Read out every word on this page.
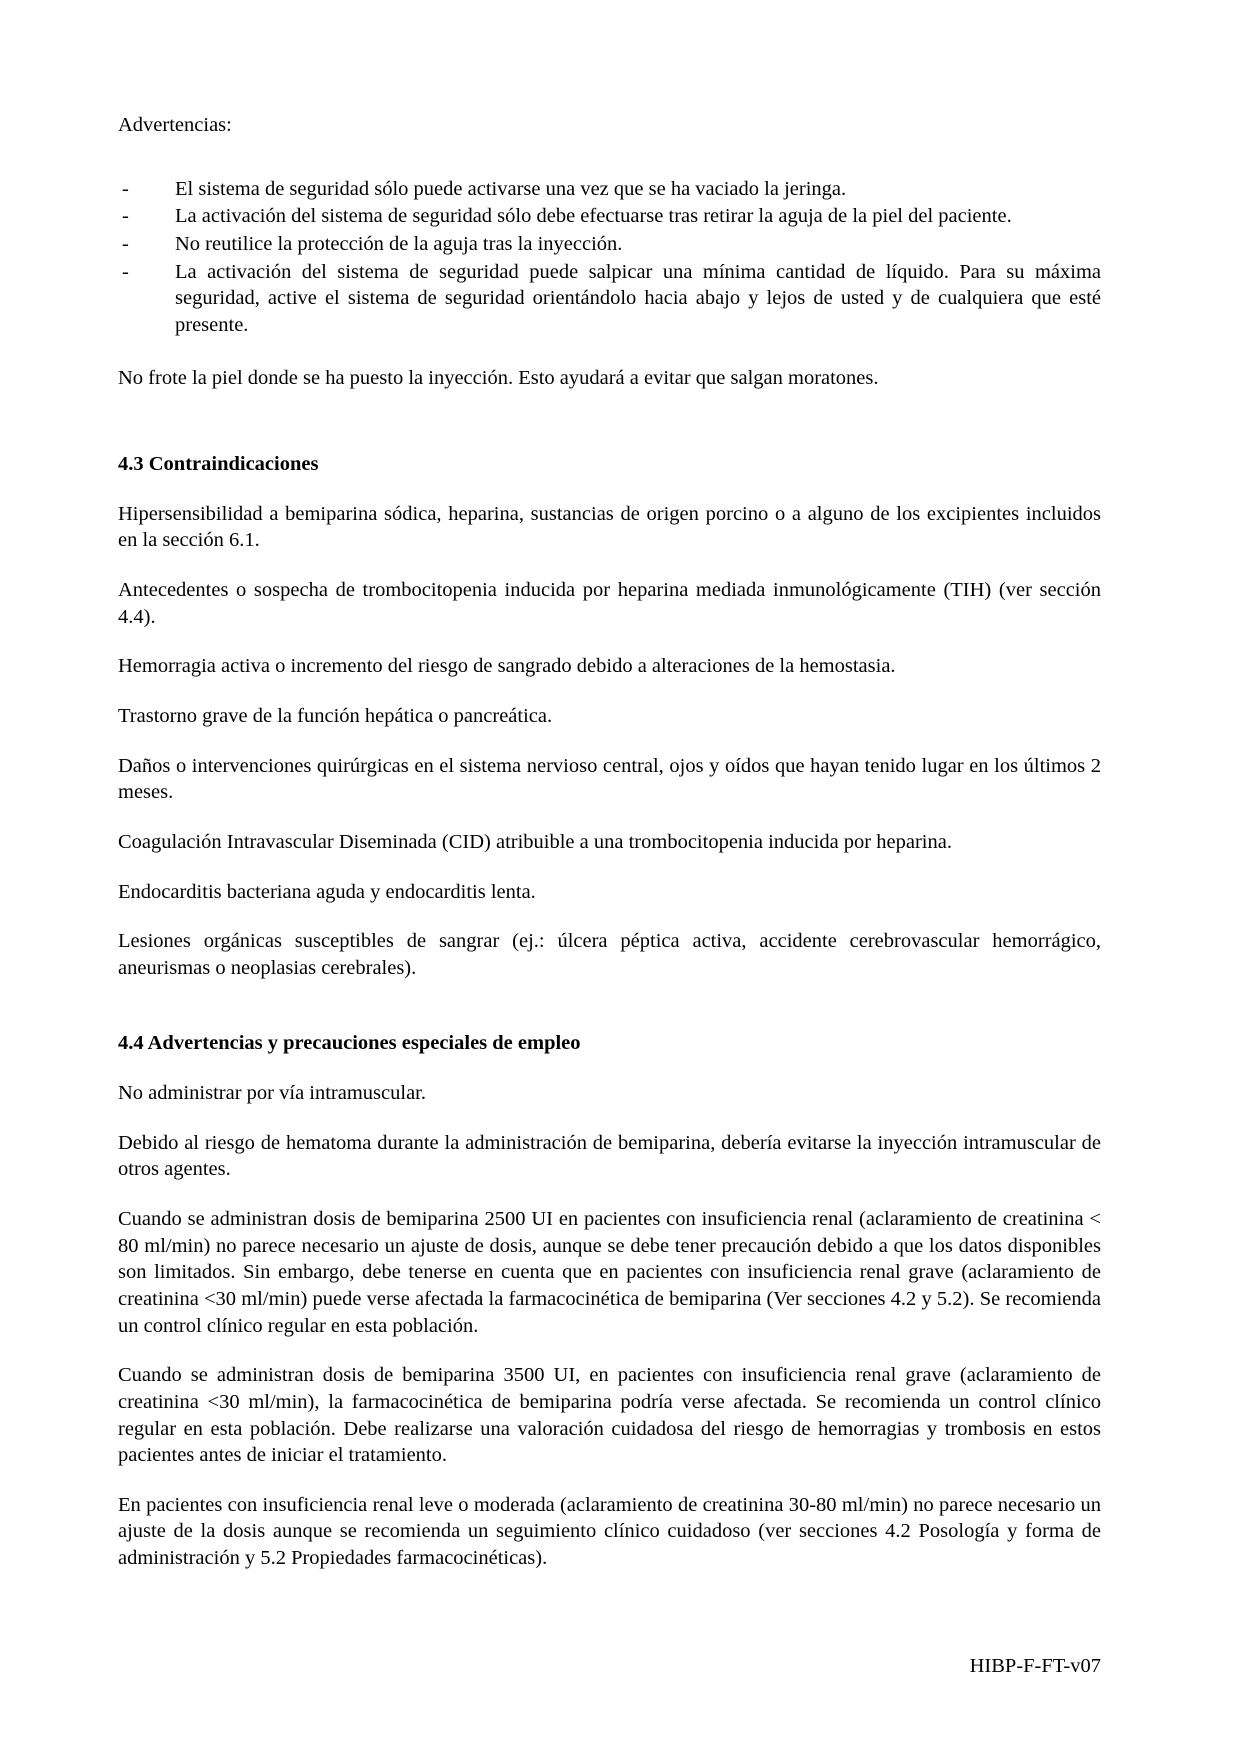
Advertencias:

- El sistema de seguridad sólo puede activarse una vez que se ha vaciado la jeringa.
- La activación del sistema de seguridad sólo debe efectuarse tras retirar la aguja de la piel del paciente.
- No reutilice la protección de la aguja tras la inyección.
- La activación del sistema de seguridad puede salpicar una mínima cantidad de líquido. Para su máxima seguridad, active el sistema de seguridad orientándolo hacia abajo y lejos de usted y de cualquiera que esté presente.

No frote la piel donde se ha puesto la inyección. Esto ayudará a evitar que salgan moratones.

4.3 Contraindicaciones

Hipersensibilidad a bemiparina sódica, heparina, sustancias de origen porcino o a alguno de los excipientes incluidos en la sección 6.1.

Antecedentes o sospecha de trombocitopenia inducida por heparina mediada inmunológicamente (TIH) (ver sección 4.4).

Hemorragia activa o incremento del riesgo de sangrado debido a alteraciones de la hemostasia.

Trastorno grave de la función hepática o pancreática.

Daños o intervenciones quirúrgicas en el sistema nervioso central, ojos y oídos que hayan tenido lugar en los últimos 2 meses.

Coagulación Intravascular Diseminada (CID) atribuible a una trombocitopenia inducida por heparina.

Endocarditis bacteriana aguda y endocarditis lenta.

Lesiones orgánicas susceptibles de sangrar (ej.: úlcera péptica activa, accidente cerebrovascular hemorrágico, aneurismas o neoplasias cerebrales).

4.4 Advertencias y precauciones especiales de empleo

No administrar por vía intramuscular.

Debido al riesgo de hematoma durante la administración de bemiparina, debería evitarse la inyección intramuscular de otros agentes.

Cuando se administran dosis de bemiparina 2500 UI en pacientes con insuficiencia renal (aclaramiento de creatinina < 80 ml/min) no parece necesario un ajuste de dosis, aunque se debe tener precaución debido a que los datos disponibles son limitados. Sin embargo, debe tenerse en cuenta que en pacientes con insuficiencia renal grave (aclaramiento de creatinina <30 ml/min) puede verse afectada la farmacocinética de bemiparina (Ver secciones 4.2 y 5.2). Se recomienda un control clínico regular en esta población.

Cuando se administran dosis de bemiparina 3500 UI, en pacientes con insuficiencia renal grave (aclaramiento de creatinina <30 ml/min), la farmacocinética de bemiparina podría verse afectada. Se recomienda un control clínico regular en esta población. Debe realizarse una valoración cuidadosa del riesgo de hemorragias y trombosis en estos pacientes antes de iniciar el tratamiento.

En pacientes con insuficiencia renal leve o moderada (aclaramiento de creatinina 30-80 ml/min) no parece necesario un ajuste de la dosis aunque se recomienda un seguimiento clínico cuidadoso (ver secciones 4.2 Posología y forma de administración y 5.2 Propiedades farmacocinéticas).

HIBP-F-FT-v07
